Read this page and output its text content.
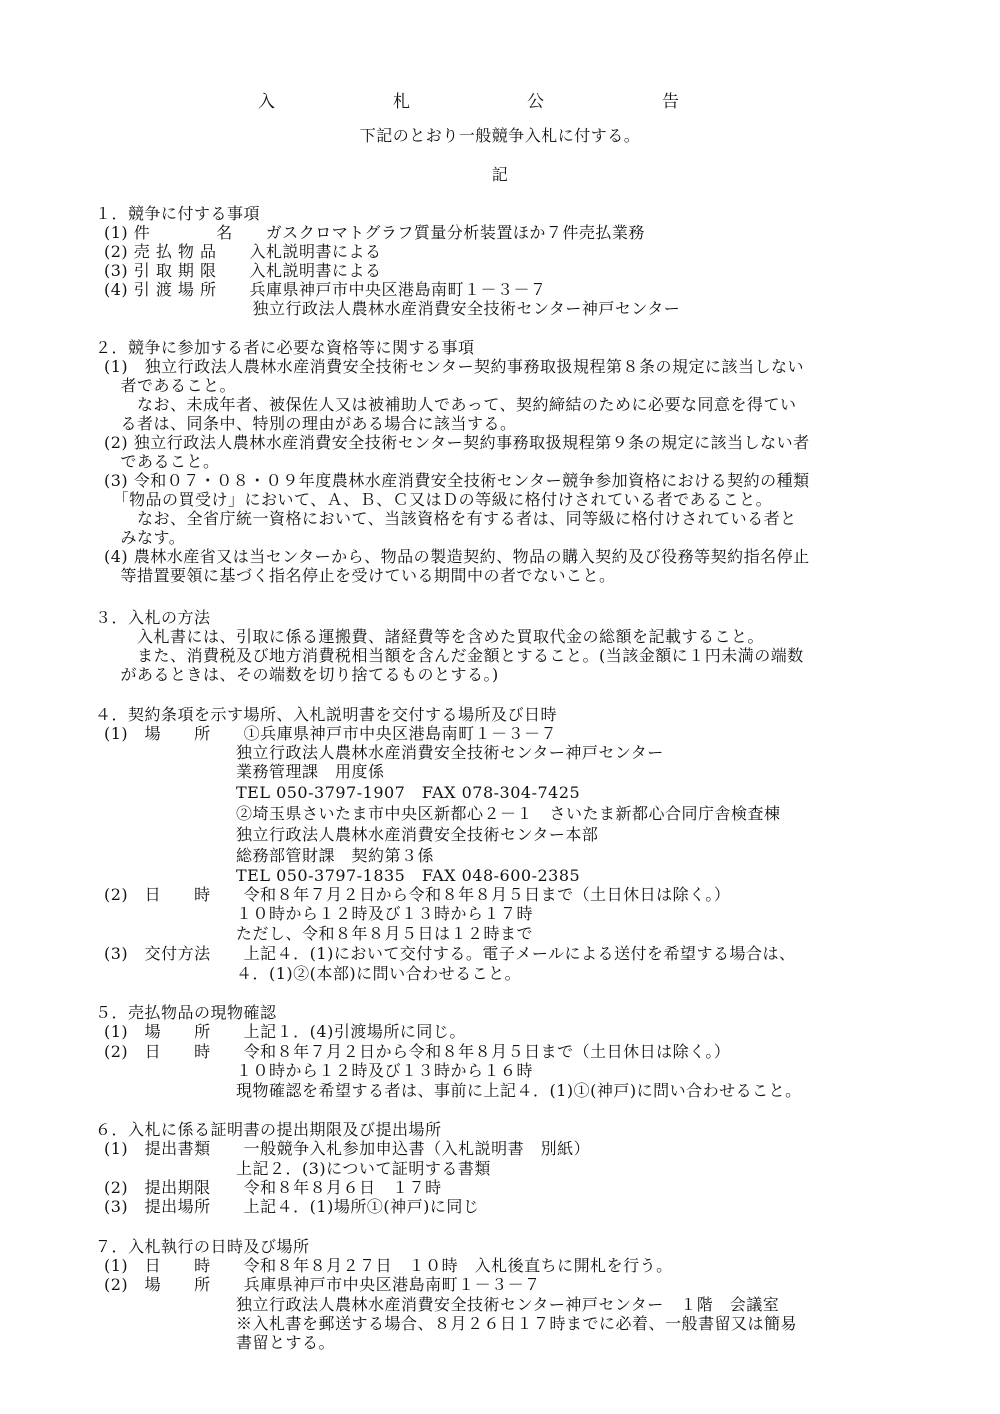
入	札	公	告
下記のとおり一般競争入札に付する。
記
１．競争に付する事項
(1) 件　　　　名　　ガスクロマトグラフ質量分析装置ほか７件売払業務
(2) 売 払 物 品　　入札説明書による
(3) 引 取 期 限　　入札説明書による
(4) 引 渡 場 所　　兵庫県神戸市中央区港島南町１－３－７
　　　　　　　　　独立行政法人農林水産消費安全技術センター神戸センター
２．競争に参加する者に必要な資格等に関する事項
(1)　独立行政法人農林水産消費安全技術センター契約事務取扱規程第８条の規定に該当しない
　者であること。
　　なお、未成年者、被保佐人又は被補助人であって、契約締結のために必要な同意を得てい
　る者は、同条中、特別の理由がある場合に該当する。
(2) 独立行政法人農林水産消費安全技術センター契約事務取扱規程第９条の規定に該当しない者
　であること。
(3) 令和０７・０８・０９年度農林水産消費安全技術センター競争参加資格における契約の種類
　「物品の買受け」において、Ａ、Ｂ、Ｃ又はＤの等級に格付けされている者であること。
　　なお、全省庁統一資格において、当該資格を有する者は、同等級に格付けされている者と
　みなす。
(4) 農林水産省又は当センターから、物品の製造契約、物品の購入契約及び役務等契約指名停止
　等措置要領に基づく指名停止を受けている期間中の者でないこと。
３．入札の方法
　　入札書には、引取に係る運搬費、諸経費等を含めた買取代金の総額を記載すること。
　　また、消費税及び地方消費税相当額を含んだ金額とすること。(当該金額に１円未満の端数
　があるときは、その端数を切り捨てるものとする。)
４．契約条項を示す場所、入札説明書を交付する場所及び日時
(1)　場　　所　　①兵庫県神戸市中央区港島南町１－３－７
　　　　　　　　独立行政法人農林水産消費安全技術センター神戸センター
　　　　　　　　業務管理課　用度係
　　　　　　　　TEL 050-3797-1907　FAX 078-304-7425
　　　　　　　　②埼玉県さいたま市中央区新都心２－１　さいたま新都心合同庁舎検査棟
　　　　　　　　独立行政法人農林水産消費安全技術センター本部
　　　　　　　　総務部管財課　契約第３係
　　　　　　　　TEL 050-3797-1835　FAX 048-600-2385
(2)　日　　時　　令和８年７月２日から令和８年８月５日まで（土日休日は除く。）
　　　　　　　　１０時から１２時及び１３時から１７時
　　　　　　　　ただし、令和８年８月５日は１２時まで
(3)　交付方法　　上記４．(1)において交付する。電子メールによる送付を希望する場合は、
　　　　　　　　４．(1)②(本部)に問い合わせること。
５．売払物品の現物確認
(1)　場　　所　　上記１．(4)引渡場所に同じ。
(2)　日　　時　　令和８年７月２日から令和８年８月５日まで（土日休日は除く。）
　　　　　　　　１０時から１２時及び１３時から１６時
　　　　　　　　現物確認を希望する者は、事前に上記４．(1)①(神戸)に問い合わせること。
６．入札に係る証明書の提出期限及び提出場所
(1)　提出書類　　一般競争入札参加申込書（入札説明書　別紙）
　　　　　　　　上記２．(3)について証明する書類
(2)　提出期限　　令和８年８月６日　１７時
(3)　提出場所　　上記４．(1)場所①(神戸)に同じ
７．入札執行の日時及び場所
(1)　日　　時　　令和８年８月２７日　１０時　入札後直ちに開札を行う。
(2)　場　　所　　兵庫県神戸市中央区港島南町１－３－７
　　　　　　　　独立行政法人農林水産消費安全技術センター神戸センター　１階　会議室
　　　　　　　　※入札書を郵送する場合、８月２６日１７時までに必着、一般書留又は簡易
　　　　　　　　書留とする。
